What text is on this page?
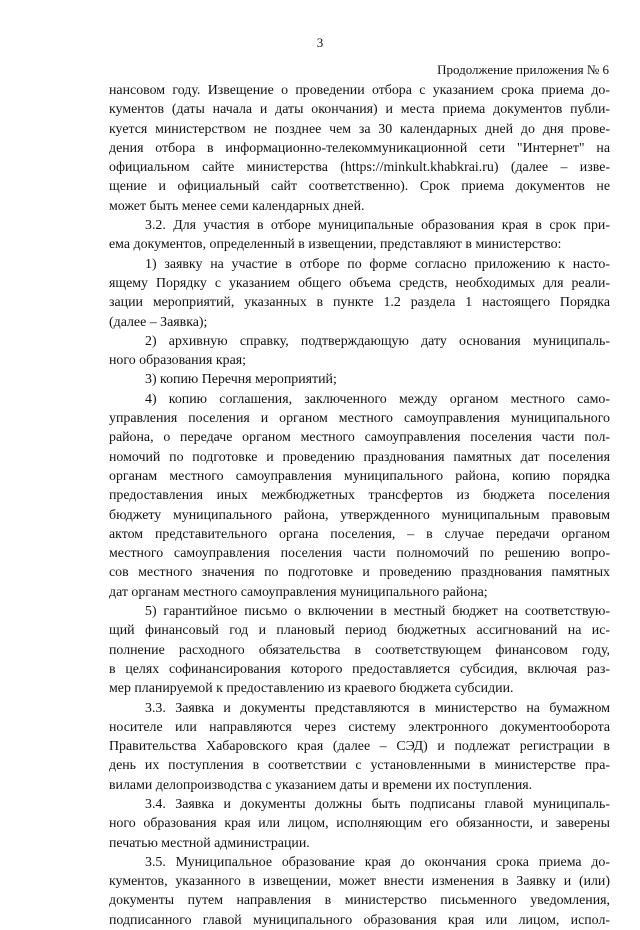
3
Продолжение приложения № 6

нансовом году. Извещение о проведении отбора с указанием срока приема до-

кументов (даты начала и даты окончания) и места приема документов публи-

куется министерством не позднее чем за 30 календарных дней до дня прове-

дения отбора в информационно-телекоммуникационной сети "Интернет" на

официальном сайте министерства (https://minkult.khabkrai.ru) (далее – изве-

щение и официальный сайт соответственно). Срок приема документов не

может быть менее семи календарных дней.

3.2. Для участия в отборе муниципальные образования края в срок при-

ема документов, определенный в извещении, представляют в министерство:

1) заявку на участие в отборе по форме согласно приложению к насто-

ящему Порядку с указанием общего объема средств, необходимых для реали-

зации мероприятий, указанных в пункте 1.2 раздела 1 настоящего Порядка

(далее – Заявка);

2) архивную справку, подтверждающую дату основания муниципаль-

ного образования края;

3) копию Перечня мероприятий;

4) копию соглашения, заключенного между органом местного само-

управления поселения и органом местного самоуправления муниципального

района, о передаче органом местного самоуправления поселения части пол-

номочий по подготовке и проведению празднования памятных дат поселения

органам местного самоуправления муниципального района, копию порядка

предоставления иных межбюджетных трансфертов из бюджета поселения

бюджету муниципального района, утвержденного муниципальным правовым

актом представительного органа поселения, – в случае передачи органом

местного самоуправления поселения части полномочий по решению вопро-

сов местного значения по подготовке и проведению празднования памятных

дат органам местного самоуправления муниципального района;

5) гарантийное письмо о включении в местный бюджет на соответствую-

щий финансовый год и плановый период бюджетных ассигнований на ис-

полнение расходного обязательства в соответствующем финансовом году,

в целях софинансирования которого предоставляется субсидия, включая раз-

мер планируемой к предоставлению из краевого бюджета субсидии.

3.3. Заявка и документы представляются в министерство на бумажном

носителе или направляются через систему электронного документооборота

Правительства Хабаровского края (далее – СЭД) и подлежат регистрации в

день их поступления в соответствии с установленными в министерстве пра-

вилами делопроизводства с указанием даты и времени их поступления.

3.4. Заявка и документы должны быть подписаны главой муниципаль-

ного образования края или лицом, исполняющим его обязанности, и заверены

печатью местной администрации.

3.5. Муниципальное образование края до окончания срока приема до-

кументов, указанного в извещении, может внести изменения в Заявку и (или)

документы путем направления в министерство письменного уведомления,

подписанного главой муниципального образования края или лицом, испол-
